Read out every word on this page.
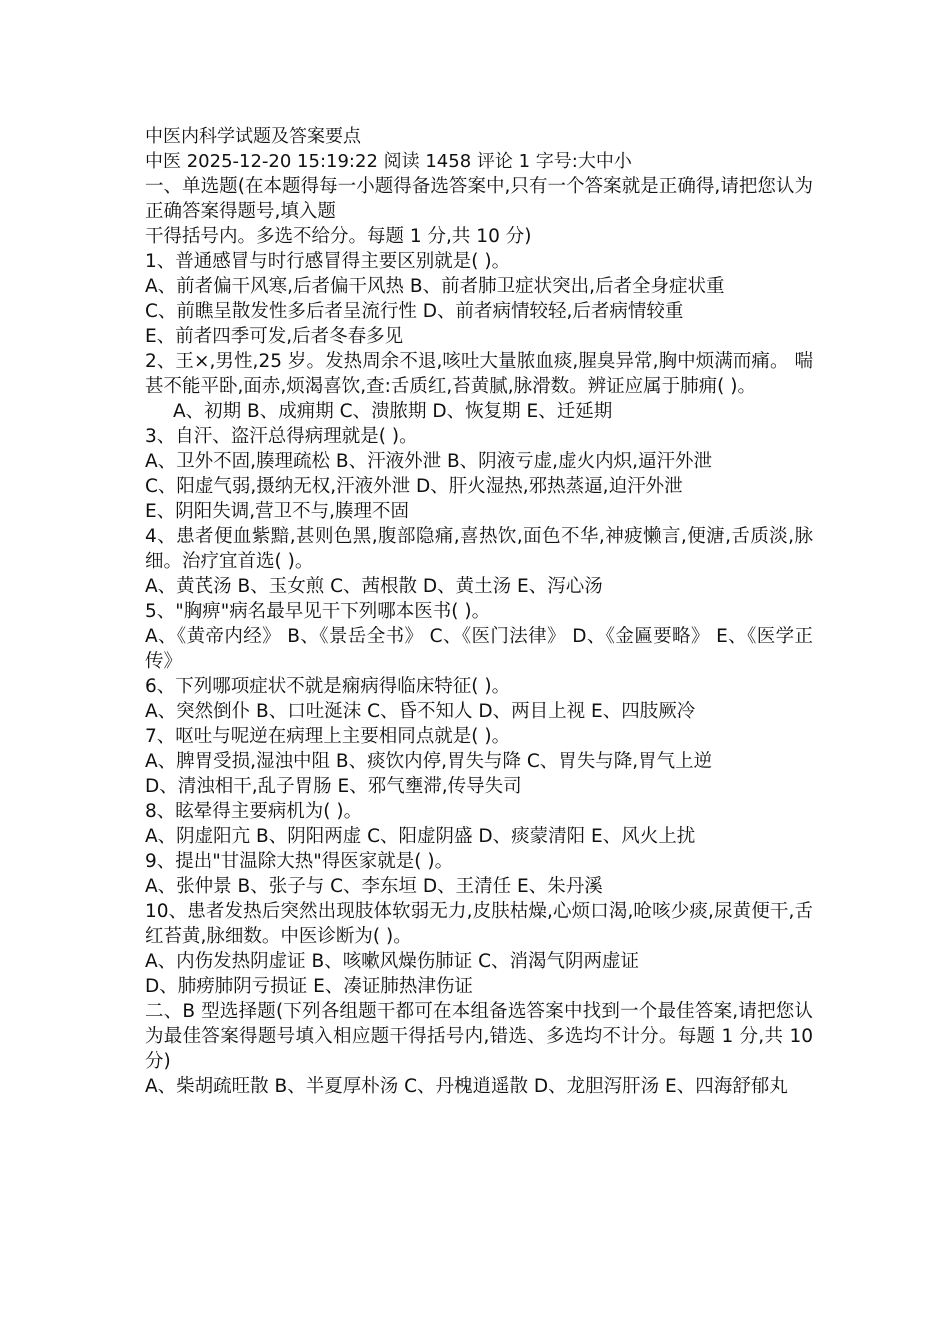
中医内科学试题及答案要点
中医 2025-12-20 15:19:22 阅读 1458 评论 1 字号:大中小
一、单选题(在本题得每一小题得备选答案中,只有一个答案就是正确得,请把您认为正确答案得题号,填入题
干得括号内。多选不给分。每题 1 分,共 10 分)
1、普通感冒与时行感冒得主要区别就是( )。
A、前者偏干风寒,后者偏干风热 B、前者肺卫症状突出,后者全身症状重
C、前瞧呈散发性多后者呈流行性 D、前者病情较轻,后者病情较重
E、前者四季可发,后者冬春多见
2、王×,男性,25 岁。发热周余不退,咳吐大量脓血痰,腥臭异常,胸中烦满而痛。 喘甚不能平卧,面赤,烦渴喜饮,查:舌质红,苔黄腻,脉滑数。辨证应属于肺痈( )。
A、初期 B、成痈期 C、溃脓期 D、恢复期 E、迁延期
3、自汗、盗汗总得病理就是( )。
A、卫外不固,腠理疏松 B、汗液外泄 B、阴液亏虚,虚火内炽,逼汗外泄
C、阳虚气弱,摄纳无权,汗液外泄 D、肝火湿热,邪热蒸逼,迫汗外泄
E、阴阳失调,营卫不与,腠理不固
4、患者便血紫黯,甚则色黑,腹部隐痛,喜热饮,面色不华,神疲懒言,便溏,舌质淡,脉细。治疗宜首选( )。
A、黄芪汤 B、玉女煎 C、茜根散 D、黄土汤 E、泻心汤
5、"胸痹"病名最早见干下列哪本医书( )。
A、《黄帝内经》 B、《景岳全书》 C、《医门法律》 D、《金匾要略》 E、《医学正传》
6、下列哪项症状不就是痫病得临床特征( )。
A、突然倒仆 B、口吐涎沫 C、昏不知人 D、两目上视 E、四肢厥冷
7、呕吐与呢逆在病理上主要相同点就是( )。
A、脾胃受损,湿浊中阻 B、痰饮内停,胃失与降 C、胃失与降,胃气上逆
D、清浊相干,乱子胃肠 E、邪气壅滞,传导失司
8、眩晕得主要病机为( )。
A、阴虚阳亢 B、阴阳两虚 C、阳虚阴盛 D、痰蒙清阳 E、风火上扰
9、提出"甘温除大热"得医家就是( )。
A、张仲景 B、张子与 C、李东垣 D、王清任 E、朱丹溪
10、患者发热后突然出现肢体软弱无力,皮肤枯燥,心烦口渴,呛咳少痰,尿黄便干,舌红苔黄,脉细数。中医诊断为( )。
A、内伤发热阴虚证 B、咳嗽风燥伤肺证 C、消渴气阴两虚证
D、肺痨肺阴亏损证 E、凑证肺热津伤证
二、B 型选择题(下列各组题干都可在本组备选答案中找到一个最佳答案,请把您认为最佳答案得题号填入相应题干得括号内,错选、多选均不计分。每题 1 分,共 10 分)
A、柴胡疏旺散 B、半夏厚朴汤 C、丹槐逍遥散 D、龙胆泻肝汤 E、四海舒郁丸
